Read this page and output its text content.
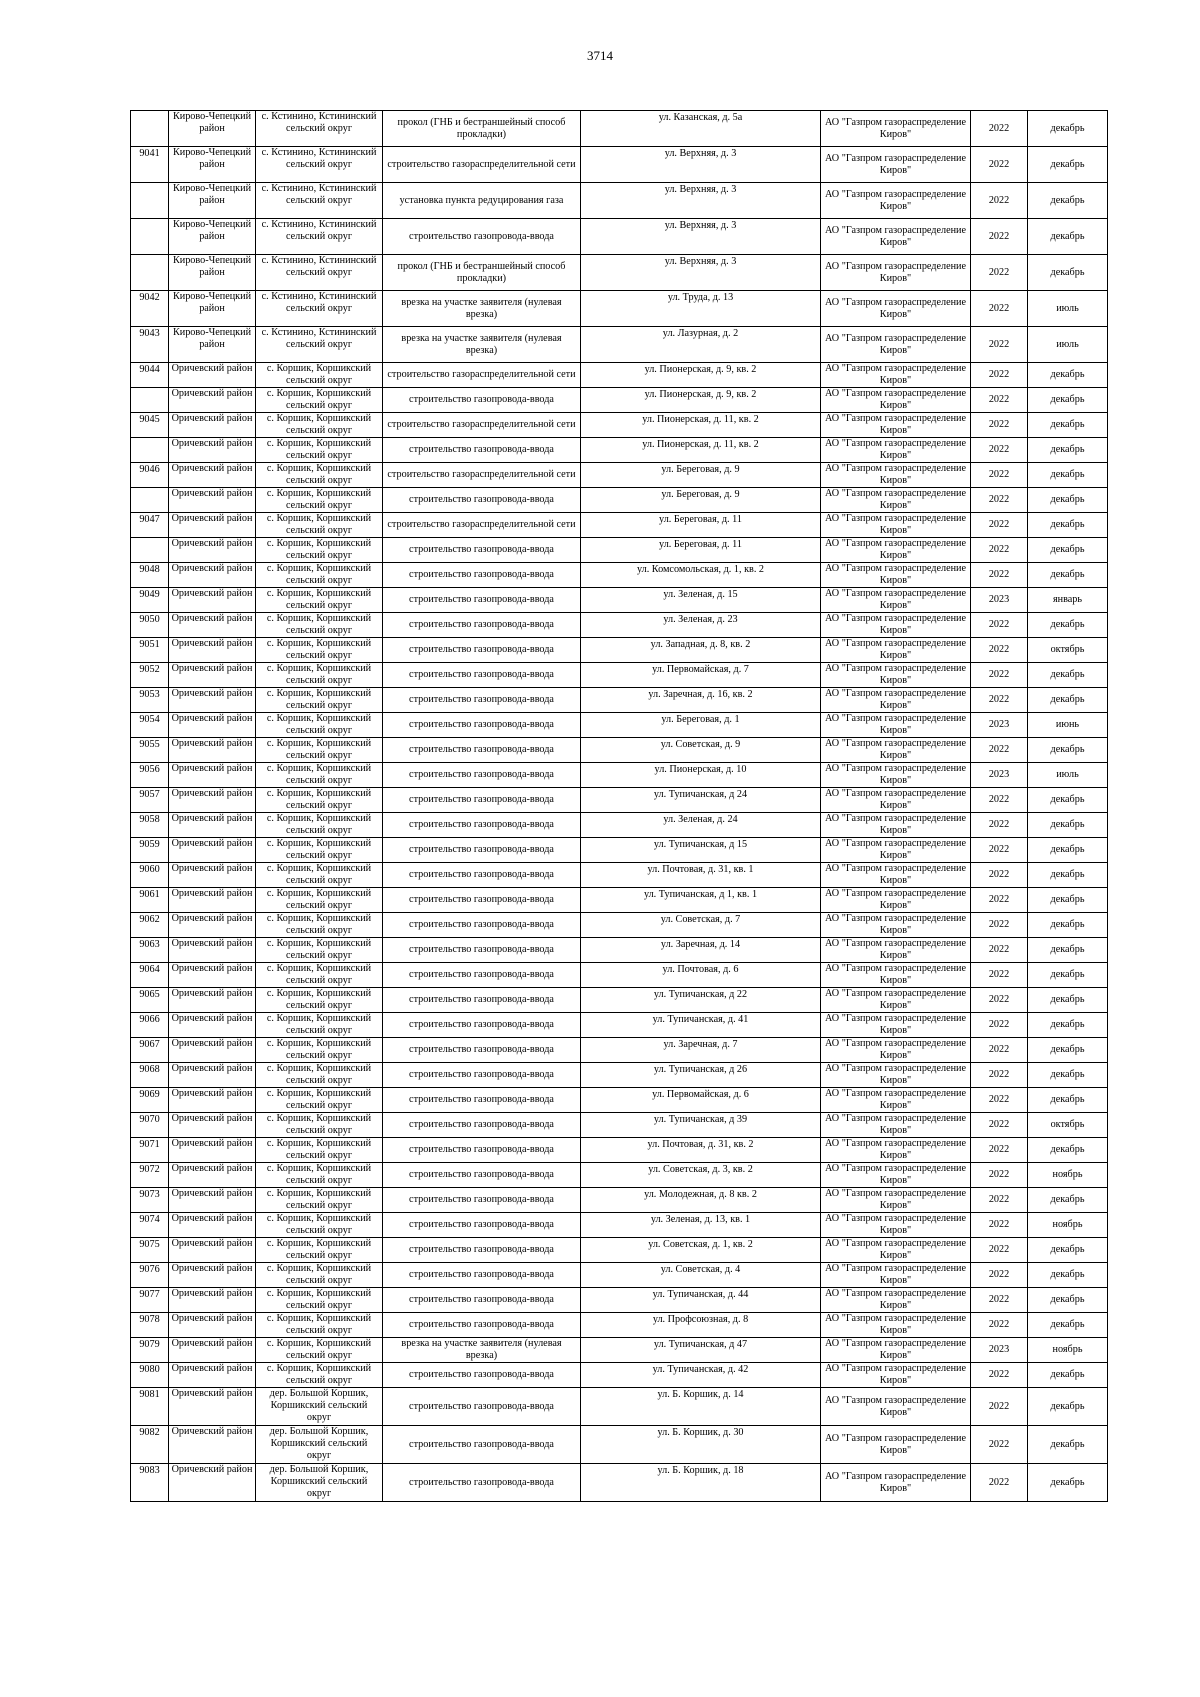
3714
	Кирово-Чепецкий район	с. Кстинино, Кстининский сельский округ	прокол (ГНБ и бестраншейный способ прокладки)	ул. Казанская, д. 5а	АО "Газпром газораспределение Киров"	2022	декабрь
9041	Кирово-Чепецкий район	с. Кстинино, Кстининский сельский округ	строительство газораспределительной сети	ул. Верхняя, д. 3	АО "Газпром газораспределение Киров"	2022	декабрь
	Кирово-Чепецкий район	с. Кстинино, Кстининский сельский округ	установка пункта редуцирования газа	ул. Верхняя, д. 3	АО "Газпром газораспределение Киров"	2022	декабрь
	Кирово-Чепецкий район	с. Кстинино, Кстининский сельский округ	строительство газопровода-ввода	ул. Верхняя, д. 3	АО "Газпром газораспределение Киров"	2022	декабрь
	Кирово-Чепецкий район	с. Кстинино, Кстининский сельский округ	прокол (ГНБ и бестраншейный способ прокладки)	ул. Верхняя, д. 3	АО "Газпром газораспределение Киров"	2022	декабрь
9042	Кирово-Чепецкий район	с. Кстинино, Кстининский сельский округ	врезка на участке заявителя (нулевая врезка)	ул. Труда, д. 13	АО "Газпром газораспределение Киров"	2022	июль
9043	Кирово-Чепецкий район	с. Кстинино, Кстининский сельский округ	врезка на участке заявителя (нулевая врезка)	ул. Лазурная, д. 2	АО "Газпром газораспределение Киров"	2022	июль
9044	Оричевский район	с. Коршик, Коршикский сельский округ	строительство газораспределительной сети	ул. Пионерская, д. 9, кв. 2	АО "Газпром газораспределение Киров"	2022	декабрь
	Оричевский район	с. Коршик, Коршикский сельский округ	строительство газопровода-ввода	ул. Пионерская, д. 9, кв. 2	АО "Газпром газораспределение Киров"	2022	декабрь
9045	Оричевский район	с. Коршик, Коршикский сельский округ	строительство газораспределительной сети	ул. Пионерская, д. 11, кв. 2	АО "Газпром газораспределение Киров"	2022	декабрь
	Оричевский район	с. Коршик, Коршикский сельский округ	строительство газопровода-ввода	ул. Пионерская, д. 11, кв. 2	АО "Газпром газораспределение Киров"	2022	декабрь
9046	Оричевский район	с. Коршик, Коршикский сельский округ	строительство газораспределительной сети	ул. Береговая, д. 9	АО "Газпром газораспределение Киров"	2022	декабрь
	Оричевский район	с. Коршик, Коршикский сельский округ	строительство газопровода-ввода	ул. Береговая, д. 9	АО "Газпром газораспределение Киров"	2022	декабрь
9047	Оричевский район	с. Коршик, Коршикский сельский округ	строительство газораспределительной сети	ул. Береговая, д. 11	АО "Газпром газораспределение Киров"	2022	декабрь
	Оричевский район	с. Коршик, Коршикский сельский округ	строительство газопровода-ввода	ул. Береговая, д. 11	АО "Газпром газораспределение Киров"	2022	декабрь
9048	Оричевский район	с. Коршик, Коршикский сельский округ	строительство газопровода-ввода	ул. Комсомольская, д. 1, кв. 2	АО "Газпром газораспределение Киров"	2022	декабрь
9049	Оричевский район	с. Коршик, Коршикский сельский округ	строительство газопровода-ввода	ул. Зеленая, д. 15	АО "Газпром газораспределение Киров"	2023	январь
9050	Оричевский район	с. Коршик, Коршикский сельский округ	строительство газопровода-ввода	ул. Зеленая, д. 23	АО "Газпром газораспределение Киров"	2022	декабрь
9051	Оричевский район	с. Коршик, Коршикский сельский округ	строительство газопровода-ввода	ул. Западная, д. 8, кв. 2	АО "Газпром газораспределение Киров"	2022	октябрь
9052	Оричевский район	с. Коршик, Коршикский сельский округ	строительство газопровода-ввода	ул. Первомайская, д. 7	АО "Газпром газораспределение Киров"	2022	декабрь
9053	Оричевский район	с. Коршик, Коршикский сельский округ	строительство газопровода-ввода	ул. Заречная, д. 16, кв. 2	АО "Газпром газораспределение Киров"	2022	декабрь
9054	Оричевский район	с. Коршик, Коршикский сельский округ	строительство газопровода-ввода	ул. Береговая, д. 1	АО "Газпром газораспределение Киров"	2023	июнь
9055	Оричевский район	с. Коршик, Коршикский сельский округ	строительство газопровода-ввода	ул. Советская, д. 9	АО "Газпром газораспределение Киров"	2022	декабрь
9056	Оричевский район	с. Коршик, Коршикский сельский округ	строительство газопровода-ввода	ул. Пионерская, д. 10	АО "Газпром газораспределение Киров"	2023	июль
9057	Оричевский район	с. Коршик, Коршикский сельский округ	строительство газопровода-ввода	ул. Тупичанская, д 24	АО "Газпром газораспределение Киров"	2022	декабрь
9058	Оричевский район	с. Коршик, Коршикский сельский округ	строительство газопровода-ввода	ул. Зеленая, д. 24	АО "Газпром газораспределение Киров"	2022	декабрь
9059	Оричевский район	с. Коршик, Коршикский сельский округ	строительство газопровода-ввода	ул. Тупичанская, д 15	АО "Газпром газораспределение Киров"	2022	декабрь
9060	Оричевский район	с. Коршик, Коршикский сельский округ	строительство газопровода-ввода	ул. Почтовая, д. 31, кв. 1	АО "Газпром газораспределение Киров"	2022	декабрь
9061	Оричевский район	с. Коршик, Коршикский сельский округ	строительство газопровода-ввода	ул. Тупичанская, д 1, кв. 1	АО "Газпром газораспределение Киров"	2022	декабрь
9062	Оричевский район	с. Коршик, Коршикский сельский округ	строительство газопровода-ввода	ул. Советская, д. 7	АО "Газпром газораспределение Киров"	2022	декабрь
9063	Оричевский район	с. Коршик, Коршикский сельский округ	строительство газопровода-ввода	ул. Заречная, д. 14	АО "Газпром газораспределение Киров"	2022	декабрь
9064	Оричевский район	с. Коршик, Коршикский сельский округ	строительство газопровода-ввода	ул. Почтовая, д. 6	АО "Газпром газораспределение Киров"	2022	декабрь
9065	Оричевский район	с. Коршик, Коршикский сельский округ	строительство газопровода-ввода	ул. Тупичанская, д 22	АО "Газпром газораспределение Киров"	2022	декабрь
9066	Оричевский район	с. Коршик, Коршикский сельский округ	строительство газопровода-ввода	ул. Тупичанская, д. 41	АО "Газпром газораспределение Киров"	2022	декабрь
9067	Оричевский район	с. Коршик, Коршикский сельский округ	строительство газопровода-ввода	ул. Заречная, д. 7	АО "Газпром газораспределение Киров"	2022	декабрь
9068	Оричевский район	с. Коршик, Коршикский сельский округ	строительство газопровода-ввода	ул. Тупичанская, д 26	АО "Газпром газораспределение Киров"	2022	декабрь
9069	Оричевский район	с. Коршик, Коршикский сельский округ	строительство газопровода-ввода	ул. Первомайская, д. 6	АО "Газпром газораспределение Киров"	2022	декабрь
9070	Оричевский район	с. Коршик, Коршикский сельский округ	строительство газопровода-ввода	ул. Тупичанская, д 39	АО "Газпром газораспределение Киров"	2022	октябрь
9071	Оричевский район	с. Коршик, Коршикский сельский округ	строительство газопровода-ввода	ул. Почтовая, д. 31, кв. 2	АО "Газпром газораспределение Киров"	2022	декабрь
9072	Оричевский район	с. Коршик, Коршикский сельский округ	строительство газопровода-ввода	ул. Советская, д. 3, кв. 2	АО "Газпром газораспределение Киров"	2022	ноябрь
9073	Оричевский район	с. Коршик, Коршикский сельский округ	строительство газопровода-ввода	ул. Молодежная, д. 8 кв. 2	АО "Газпром газораспределение Киров"	2022	декабрь
9074	Оричевский район	с. Коршик, Коршикский сельский округ	строительство газопровода-ввода	ул. Зеленая, д. 13, кв. 1	АО "Газпром газораспределение Киров"	2022	ноябрь
9075	Оричевский район	с. Коршик, Коршикский сельский округ	строительство газопровода-ввода	ул. Советская, д. 1, кв. 2	АО "Газпром газораспределение Киров"	2022	декабрь
9076	Оричевский район	с. Коршик, Коршикский сельский округ	строительство газопровода-ввода	ул. Советская, д. 4	АО "Газпром газораспределение Киров"	2022	декабрь
9077	Оричевский район	с. Коршик, Коршикский сельский округ	строительство газопровода-ввода	ул. Тупичанская, д. 44	АО "Газпром газораспределение Киров"	2022	декабрь
9078	Оричевский район	с. Коршик, Коршикский сельский округ	строительство газопровода-ввода	ул. Профсоюзная, д. 8	АО "Газпром газораспределение Киров"	2022	декабрь
9079	Оричевский район	с. Коршик, Коршикский сельский округ	врезка на участке заявителя (нулевая врезка)	ул. Тупичанская, д 47	АО "Газпром газораспределение Киров"	2023	ноябрь
9080	Оричевский район	с. Коршик, Коршикский сельский округ	строительство газопровода-ввода	ул. Тупичанская, д. 42	АО "Газпром газораспределение Киров"	2022	декабрь
9081	Оричевский район	дер. Большой Коршик, Коршикский сельский округ	строительство газопровода-ввода	ул. Б. Коршик, д. 14	АО "Газпром газораспределение Киров"	2022	декабрь
9082	Оричевский район	дер. Большой Коршик, Коршикский сельский округ	строительство газопровода-ввода	ул. Б. Коршик, д. 30	АО "Газпром газораспределение Киров"	2022	декабрь
9083	Оричевский район	дер. Большой Коршик, Коршикский сельский округ	строительство газопровода-ввода	ул. Б. Коршик, д. 18	АО "Газпром газораспределение Киров"	2022	декабрь
